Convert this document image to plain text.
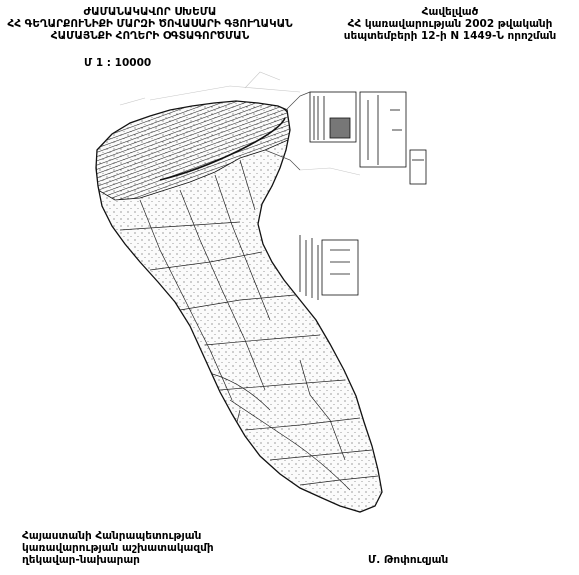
ԺԱՄԱՆԱԿԱՎՈՐ ՍԽԵՄԱ
ՀՀ ԳԵՂԱՐՔՈՒՆԻՔԻ ՄԱՐԶԻ ԾՈՎԱՍԱՐԻ ԳՅՈՒՂԱԿԱՆ
ՀԱՄԱՅՆՔԻ ՀՈՂԵՐԻ ՕԳՏԱԳՈՐԾՄԱՆ
Հավելված
ՀՀ կառավարության 2002 թվականի
սեպտեմբերի 12-ի N 1449-Ն որոշման
Մ 1 : 10000
Հայաստանի Հանրապետության
կառավարության աշխատակազմի
ղեկավար-նախարար	Մ. Թոփուզյան
